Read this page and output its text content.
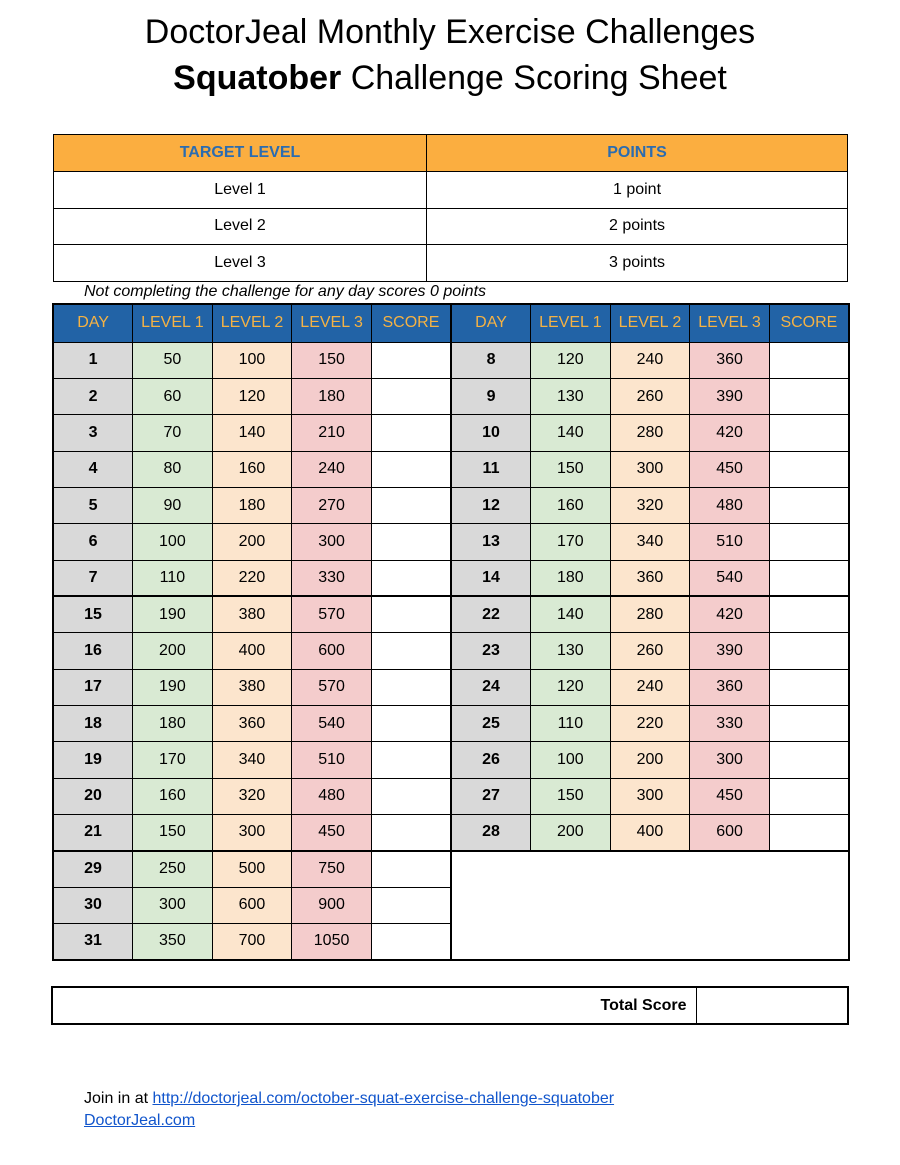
DoctorJeal Monthly Exercise Challenges
Squatober Challenge Scoring Sheet
TARGET LEVEL	POINTS
Level 1	1 point
Level 2	2 points
Level 3	3 points
Not completing the challenge for any day scores 0 points
DAY	LEVEL 1	LEVEL 2	LEVEL 3	SCORE	DAY	LEVEL 1	LEVEL 2	LEVEL 3	SCORE
1	50	100	150		8	120	240	360	
2	60	120	180		9	130	260	390	
3	70	140	210		10	140	280	420	
4	80	160	240		11	150	300	450	
5	90	180	270		12	160	320	480	
6	100	200	300		13	170	340	510	
7	110	220	330		14	180	360	540	
15	190	380	570		22	140	280	420	
16	200	400	600		23	130	260	390	
17	190	380	570		24	120	240	360	
18	180	360	540		25	110	220	330	
19	170	340	510		26	100	200	300	
20	160	320	480		27	150	300	450	
21	150	300	450		28	200	400	600	
29	250	500	750						
30	300	600	900						
31	350	700	1050						
Total Score	
Join in at http://doctorjeal.com/october-squat-exercise-challenge-squatober
DoctorJeal.com
